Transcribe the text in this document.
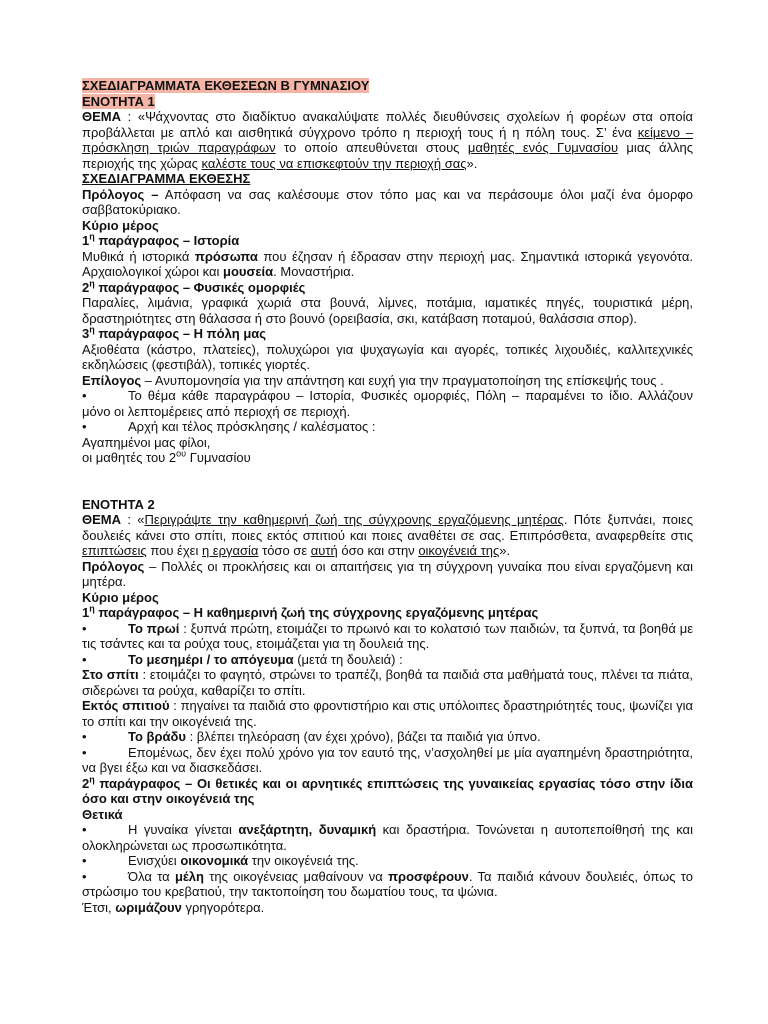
ΣΧΕΔΙΑΓΡΑΜΜΑΤΑ ΕΚΘΕΣΕΩΝ Β ΓΥΜΝΑΣΙΟΥ

ΕΝΟΤΗΤΑ 1

ΘΕΜΑ : «Ψάχνοντας στο διαδίκτυο ανακαλύψατε πολλές διευθύνσεις σχολείων ή φορέων στα οποία προβάλλεται με απλό και αισθητικά σύγχρονο τρόπο η περιοχή τους ή η πόλη τους. Σ’ ένα κείμενο – πρόσκληση τριών παραγράφων το οποίο απευθύνεται στους μαθητές ενός Γυμνασίου μιας άλλης περιοχής της χώρας καλέστε τους να επισκεφτούν την περιοχή σας».

ΣΧΕΔΙΑΓΡΑΜΜΑ ΕΚΘΕΣΗΣ

Πρόλογος – Απόφαση να σας καλέσουμε στον τόπο μας και να περάσουμε όλοι μαζί ένα όμορφο σαββατοκύριακο.

Κύριο μέρος

$1^\eta$ παράγραφος – Ιστορία

Μυθικά ή ιστορικά πρόσωπα που έζησαν ή έδρασαν στην περιοχή μας. Σημαντικά ιστορικά γεγονότα. Αρχαιολογικοί χώροι και μουσεία. Μοναστήρια.

$2^\eta$ παράγραφος – Φυσικές ομορφιές

Παραλίες, λιμάνια, γραφικά χωριά στα βουνά, λίμνες, ποτάμια, ιαματικές πηγές, τουριστικά μέρη, δραστηριότητες στη θάλασσα ή στο βουνό (ορειβασία, σκι, κατάβαση ποταμού, θαλάσσια σπορ).

$3^\eta$ παράγραφος – Η πόλη μας

Αξιοθέατα (κάστρο, πλατείες), πολυχώροι για ψυχαγωγία και αγορές, τοπικές λιχουδιές, καλλιτεχνικές εκδηλώσεις (φεστιβάλ), τοπικές γιορτές.

Επίλογος – Ανυπομονησία για την απάντηση και ευχή για την πραγματοποίηση της επίσκεψής τους .

•	Το θέμα κάθε παραγράφου – Ιστορία, Φυσικές ομορφιές, Πόλη – παραμένει το ίδιο. Αλλάζουν μόνο οι λεπτομέρειες από περιοχή σε περιοχή.

•	Αρχή και τέλος πρόσκλησης / καλέσματος :

Αγαπημένοι μας φίλοι,

οι μαθητές του $2^{o\upsilon}$ Γυμνασίου

ΕΝΟΤΗΤΑ 2

ΘΕΜΑ : «Περιγράψτε την καθημερινή ζωή της σύγχρονης εργαζόμενης μητέρας. Πότε ξυπνάει, ποιες δουλειές κάνει στο σπίτι, ποιες εκτός σπιτιού και ποιες αναθέτει σε σας. Επιπρόσθετα, αναφερθείτε στις επιπτώσεις που έχει η εργασία τόσο σε αυτή όσο και στην οικογένειά της».

Πρόλογος – Πολλές οι προκλήσεις και οι απαιτήσεις για τη σύγχρονη γυναίκα που είναι εργαζόμενη και μητέρα.

Κύριο μέρος

$1^\eta$ παράγραφος – Η καθημερινή ζωή της σύγχρονης εργαζόμενης μητέρας

•	Το πρωί : ξυπνά πρώτη, ετοιμάζει το πρωινό και το κολατσιό των παιδιών, τα ξυπνά, τα βοηθά με τις τσάντες και τα ρούχα τους, ετοιμάζεται για τη δουλειά της.

•	Το μεσημέρι / το απόγευμα (μετά τη δουλειά) :

Στο σπίτι : ετοιμάζει το φαγητό, στρώνει το τραπέζι, βοηθά τα παιδιά στα μαθήματά τους, πλένει τα πιάτα, σιδερώνει τα ρούχα, καθαρίζει το σπίτι.

Εκτός σπιτιού : πηγαίνει τα παιδιά στο φροντιστήριο και στις υπόλοιπες δραστηριότητές τους, ψωνίζει για το σπίτι και την οικογένειά της.

•	Το βράδυ : βλέπει τηλεόραση (αν έχει χρόνο), βάζει τα παιδιά για ύπνο.

•	Επομένως, δεν έχει πολύ χρόνο για τον εαυτό της, ν’ασχοληθεί με μία αγαπημένη δραστηριότητα, να βγει έξω και να διασκεδάσει.

$2^\eta$ παράγραφος – Οι θετικές και οι αρνητικές επιπτώσεις της γυναικείας εργασίας τόσο στην ίδια όσο και στην οικογένειά της

Θετικά

•	Η γυναίκα γίνεται ανεξάρτητη, δυναμική και δραστήρια. Τονώνεται η αυτοπεποίθησή της και ολοκληρώνεται ως προσωπικότητα.

•	Ενισχύει οικονομικά την οικογένειά της.

•	Όλα τα μέλη της οικογένειας μαθαίνουν να προσφέρουν. Τα παιδιά κάνουν δουλειές, όπως το στρώσιμο του κρεβατιού, την τακτοποίηση του δωματίου τους, τα ψώνια.

Έτσι, ωριμάζουν γρηγορότερα.
